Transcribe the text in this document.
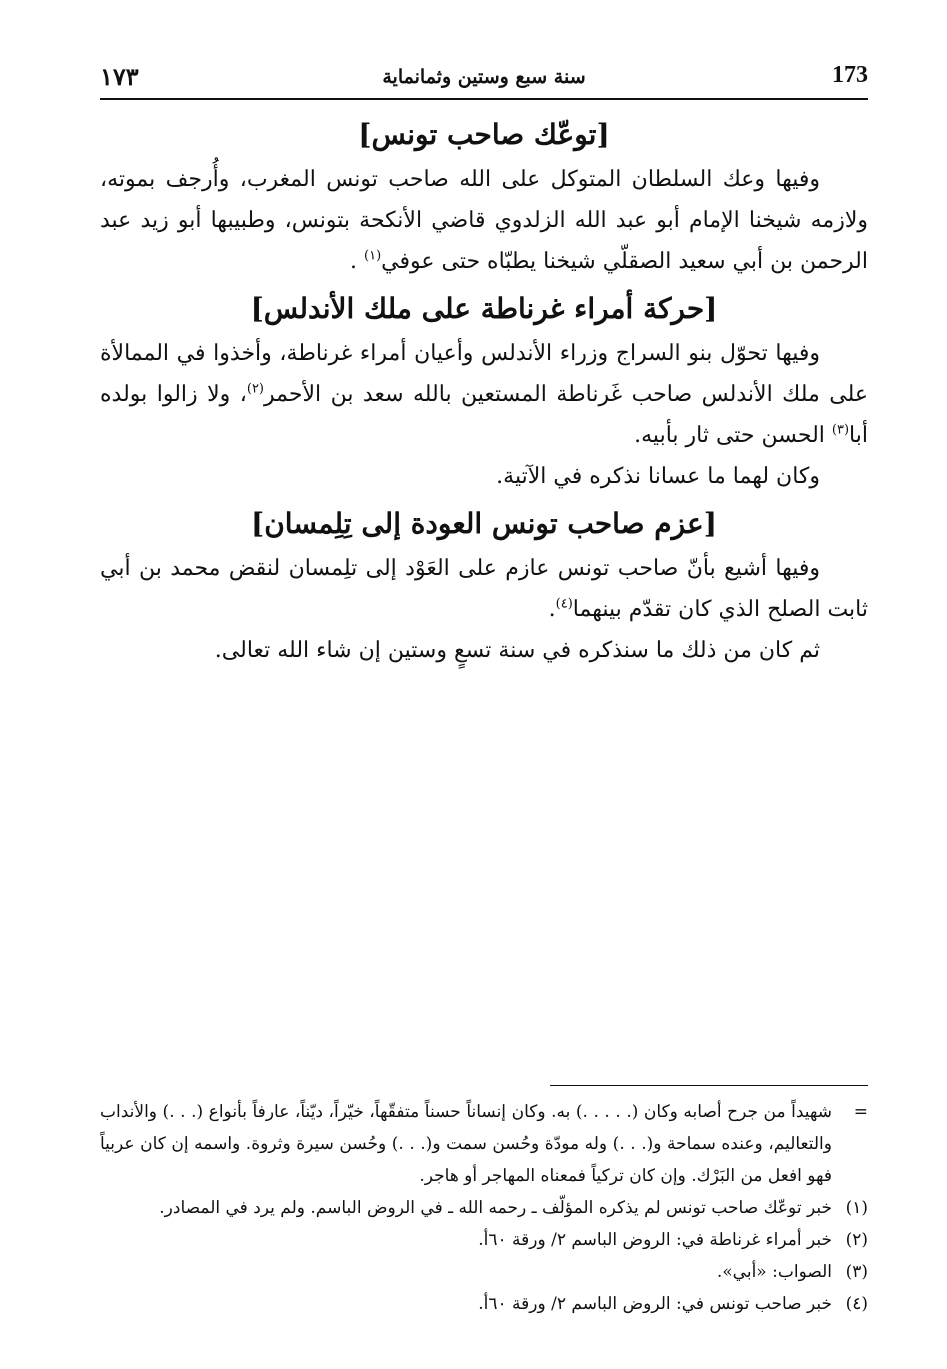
173
سنة سبع وستين وثمانماية
١٧٣
[توعّك صاحب تونس]

وفيها وعك السلطان المتوكل على الله صاحب تونس المغرب، وأُرجف بموته، ولازمه شيخنا الإمام أبو عبد الله الزلدوي قاضي الأنكحة بتونس، وطبيبها أبو زيد عبد الرحمن بن أبي سعيد الصقلّي شيخنا يطبّاه حتى عوفي$^{(١)}$ .

[حركة أمراء غرناطة على ملك الأندلس]

وفيها تحوّل بنو السراج وزراء الأندلس وأعيان أمراء غرناطة، وأخذوا في الممالأة على ملك الأندلس صاحب غَرناطة المستعين بالله سعد بن الأحمر$^{(٢)}$، ولا زالوا بولده أبا$^{(٣)}$ الحسن حتى ثار بأبيه.

وكان لهما ما عسانا نذكره في الآتية.

[عزم صاحب تونس العودة إلى تِلِمسان]

وفيها أشيع بأنّ صاحب تونس عازم على العَوْد إلى تلِمسان لنقض محمد بن أبي ثابت الصلح الذي كان تقدّم بينهما$^{(٤)}$.

ثم كان من ذلك ما سنذكره في سنة تسعٍ وستين إن شاء الله تعالى.

=
شهيداً من جرح أصابه وكان (. . . . .) به. وكان إنساناً حسناً متفقّهاً، خيّراً، ديّناً، عارفاً بأنواع (. . .) والأنداب والتعاليم، وعنده سماحة و(. . .) وله مودّة وحُسن سمت و(. . .) وحُسن سيرة وثروة. واسمه إن كان عربياً فهو افعل من البَرْك. وإن كان تركياً فمعناه المهاجر أو هاجر.

(١)
خبر توعّك صاحب تونس لم يذكره المؤلّف ـ رحمه الله ـ في الروض الباسم. ولم يرد في المصادر.

(٢)
خبر أمراء غرناطة في: الروض الباسم ٢/ ورقة ٦٠أ.

(٣)
الصواب: «أبي».

(٤)
خبر صاحب تونس في: الروض الباسم ٢/ ورقة ٦٠أ.
